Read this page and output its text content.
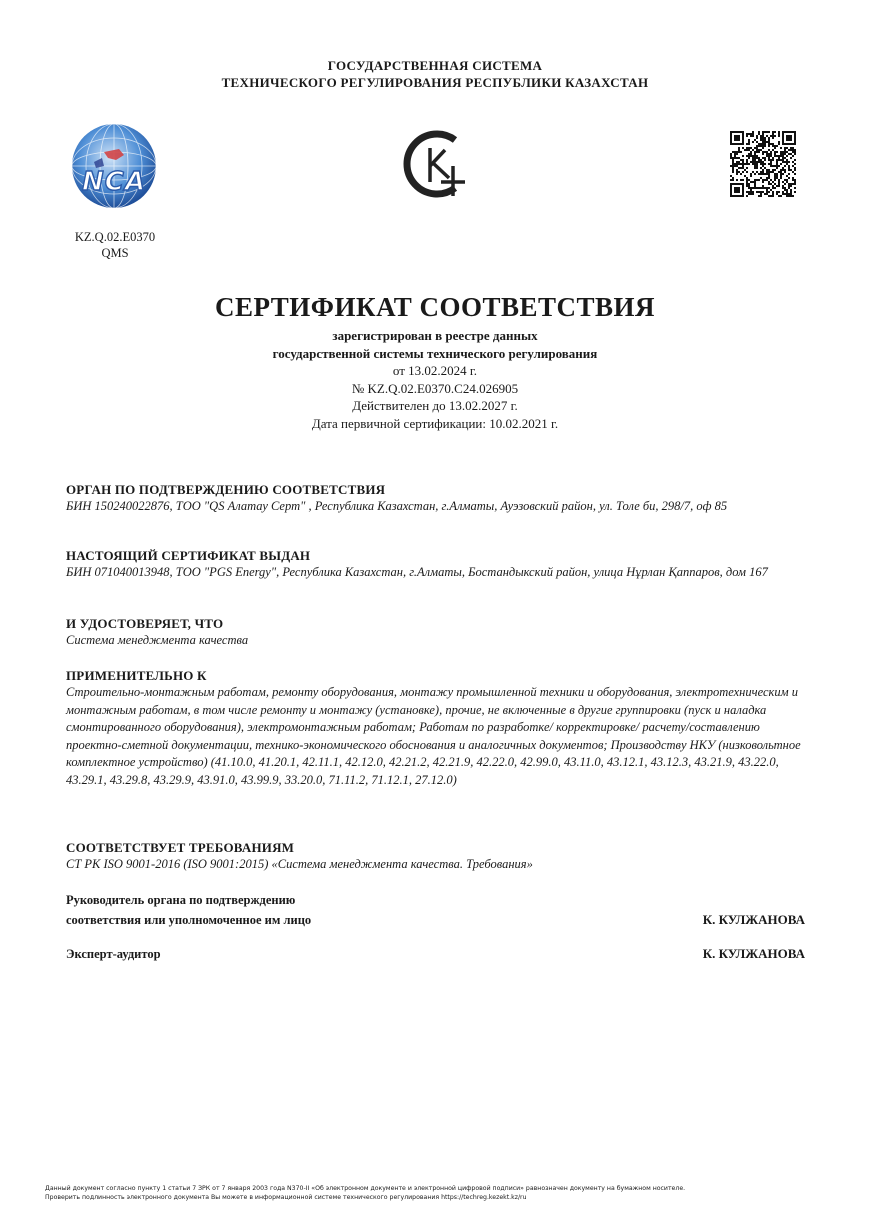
ГОСУДАРСТВЕННАЯ СИСТЕМА
ТЕХНИЧЕСКОГО РЕГУЛИРОВАНИЯ РЕСПУБЛИКИ КАЗАХСТАН
NCA
KZ.Q.02.E0370
QMS
СЕРТИФИКАТ СООТВЕТСТВИЯ
зарегистрирован в реестре данных
государственной системы технического регулирования
от 13.02.2024 г.
№ KZ.Q.02.E0370.C24.026905
Действителен до 13.02.2027 г.
Дата первичной сертификации: 10.02.2021 г.
ОРГАН ПО ПОДТВЕРЖДЕНИЮ СООТВЕТСТВИЯ
БИН 150240022876, ТОО "QS Алатау Серт" , Республика Казахстан, г.Алматы, Ауэзовский район, ул. Толе би, 298/7, оф 85
НАСТОЯЩИЙ СЕРТИФИКАТ ВЫДАН
БИН 071040013948, ТОО "PGS Energy", Республика Казахстан, г.Алматы, Бостандыкский район, улица Нұрлан Қаппаров, дом 167
И УДОСТОВЕРЯЕТ, ЧТО
Система менеджмента качества
ПРИМЕНИТЕЛЬНО К
Строительно-монтажным работам, ремонту оборудования, монтажу промышленной техники и оборудования, электротехническим и монтажным работам, в том числе ремонту и монтажу (установке), прочие, не включенные в другие группировки (пуск и наладка смонтированного оборудования), электромонтажным работам; Работам по разработке/ корректировке/ расчету/составлению проектно-сметной документации, технико-экономического обоснования и аналогичных документов; Производству НКУ (низковольтное комплектное устройство) (41.10.0, 41.20.1, 42.11.1, 42.12.0, 42.21.2, 42.21.9, 42.22.0, 42.99.0, 43.11.0, 43.12.1, 43.12.3, 43.21.9, 43.22.0, 43.29.1, 43.29.8, 43.29.9, 43.91.0, 43.99.9, 33.20.0, 71.11.2, 71.12.1, 27.12.0)
СООТВЕТСТВУЕТ ТРЕБОВАНИЯМ
СТ РК ISO 9001-2016 (ISO 9001:2015) «Система менеджмента качества. Требования»
Руководитель органа по подтверждению
соответствия или уполномоченное им лицо	К. КУЛЖАНОВА
Эксперт-аудитор	К. КУЛЖАНОВА
Данный документ согласно пункту 1 статьи 7 ЗРК от 7 января 2003 года N370-II «Об электронном документе и электронной цифровой подписи» равнозначен документу на бумажном носителе.
Проверить подлинность электронного документа Вы можете в информационной системе технического регулирования https://techreg.kezekt.kz/ru
